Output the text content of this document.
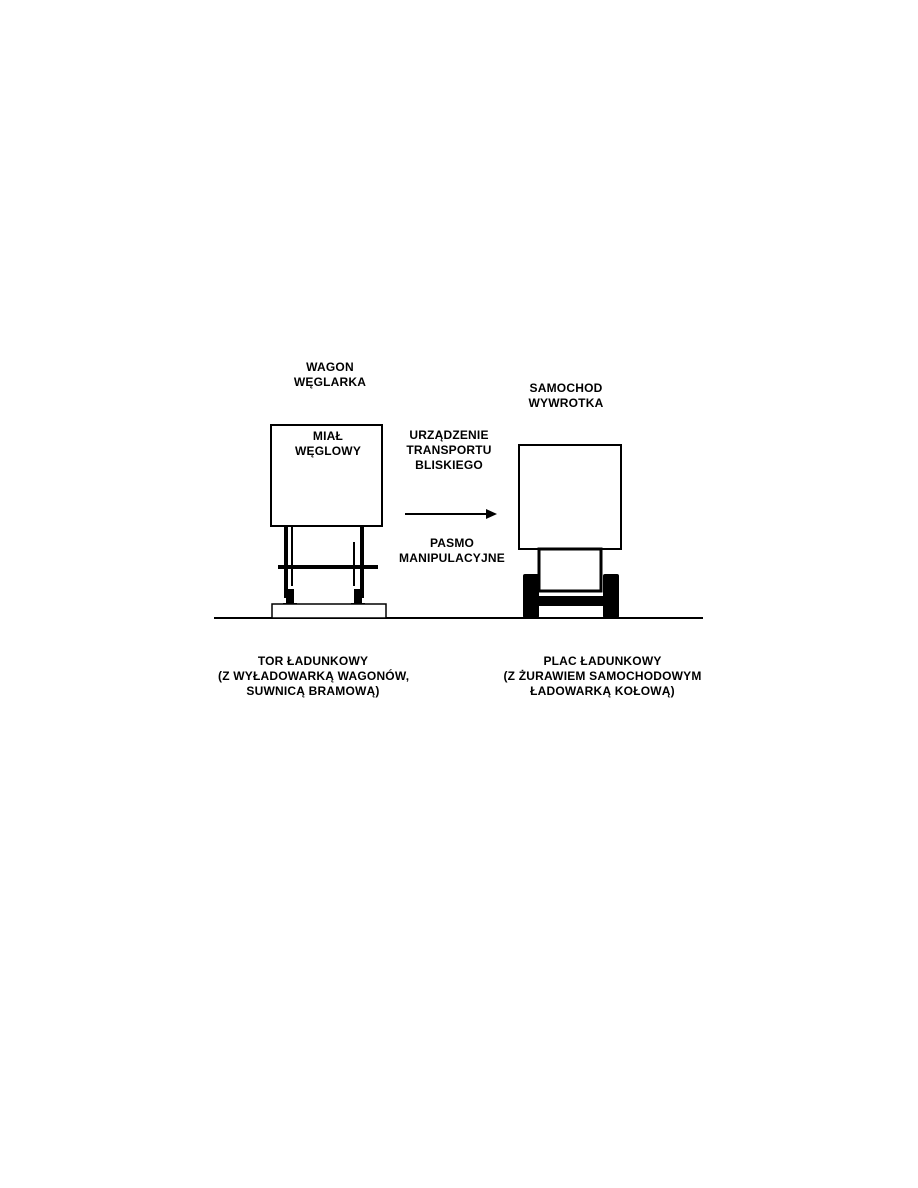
WAGON
WĘGLARKA
MIAŁ
WĘGLOWY
URZĄDZENIE
TRANSPORTU
BLISKIEGO
PASMO
MANIPULACYJNE
SAMOCHOD
WYWROTKA
TOR ŁADUNKOWY
(Z WYŁADOWARKĄ WAGONÓW,
SUWNICĄ BRAMOWĄ)
PLAC ŁADUNKOWY
(Z ŻURAWIEM SAMOCHODOWYM
ŁADOWARKĄ KOŁOWĄ)
